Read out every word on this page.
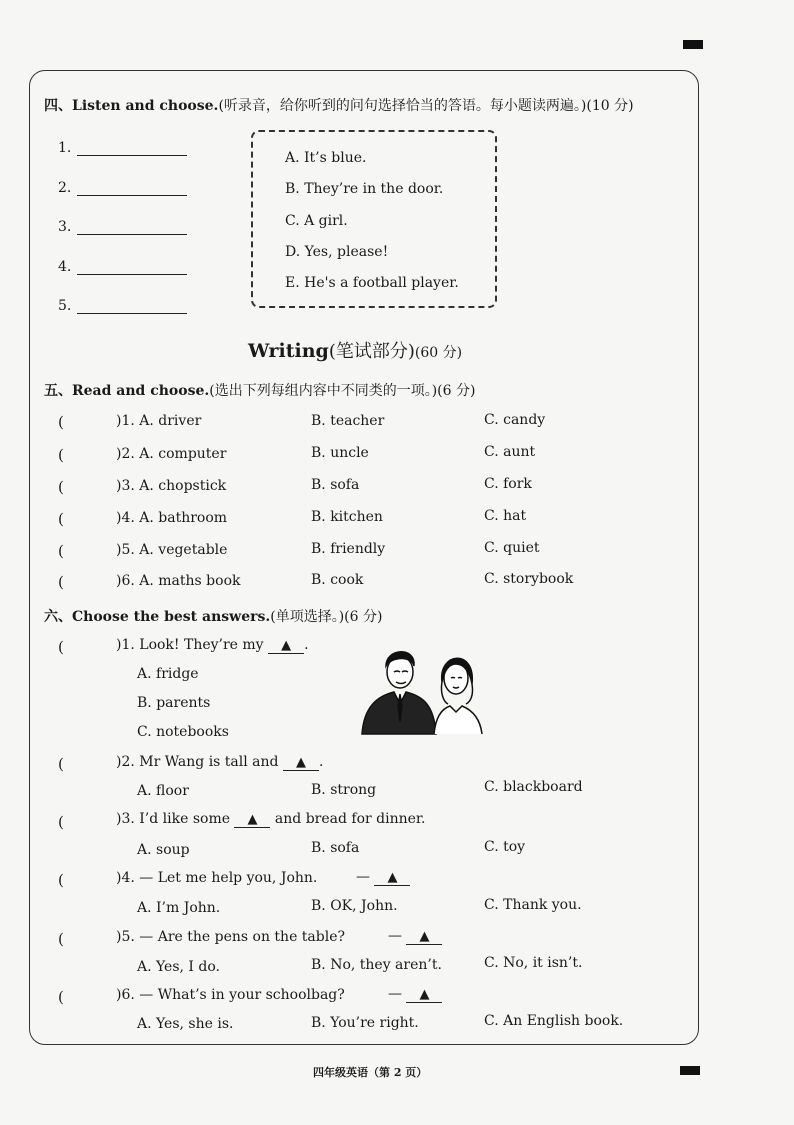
四、Listen and choose.(听录音，给你听到的问句选择恰当的答语。每小题读两遍。)(10 分)
1.
2.
3.
4.
5.
A. It’s blue.
B. They’re in the door.
C. A girl.
D. Yes, please!
E. He's a football player.
Writing(笔试部分)(60 分)
五、Read and choose.(选出下列每组内容中不同类的一项。)(6 分)
(	)1. A. driver	B. teacher	C. candy
(	)2. A. computer	B. uncle	C. aunt
(	)3. A. chopstick	B. sofa	C. fork
(	)4. A. bathroom	B. kitchen	C. hat
(	)5. A. vegetable	B. friendly	C. quiet
(	)6. A. maths book	B. cook	C. storybook
六、Choose the best answers.(单项选择。)(6 分)
(	)1. Look! They’re my ▲ .
A. fridge
B. parents
C. notebooks
(	)2. Mr Wang is tall and ▲ .
A. floor	B. strong	C. blackboard
(	)3. I’d like some ▲ and bread for dinner.
A. soup	B. sofa	C. toy
(	)4. — Let me help you, John.	— ▲
A. I’m John.	B. OK, John.	C. Thank you.
(	)5. — Are the pens on the table?	— ▲
A. Yes, I do.	B. No, they aren’t.	C. No, it isn’t.
(	)6. — What’s in your schoolbag?	— ▲
A. Yes, she is.	B. You’re right.	C. An English book.
四年级英语（第 2 页）
